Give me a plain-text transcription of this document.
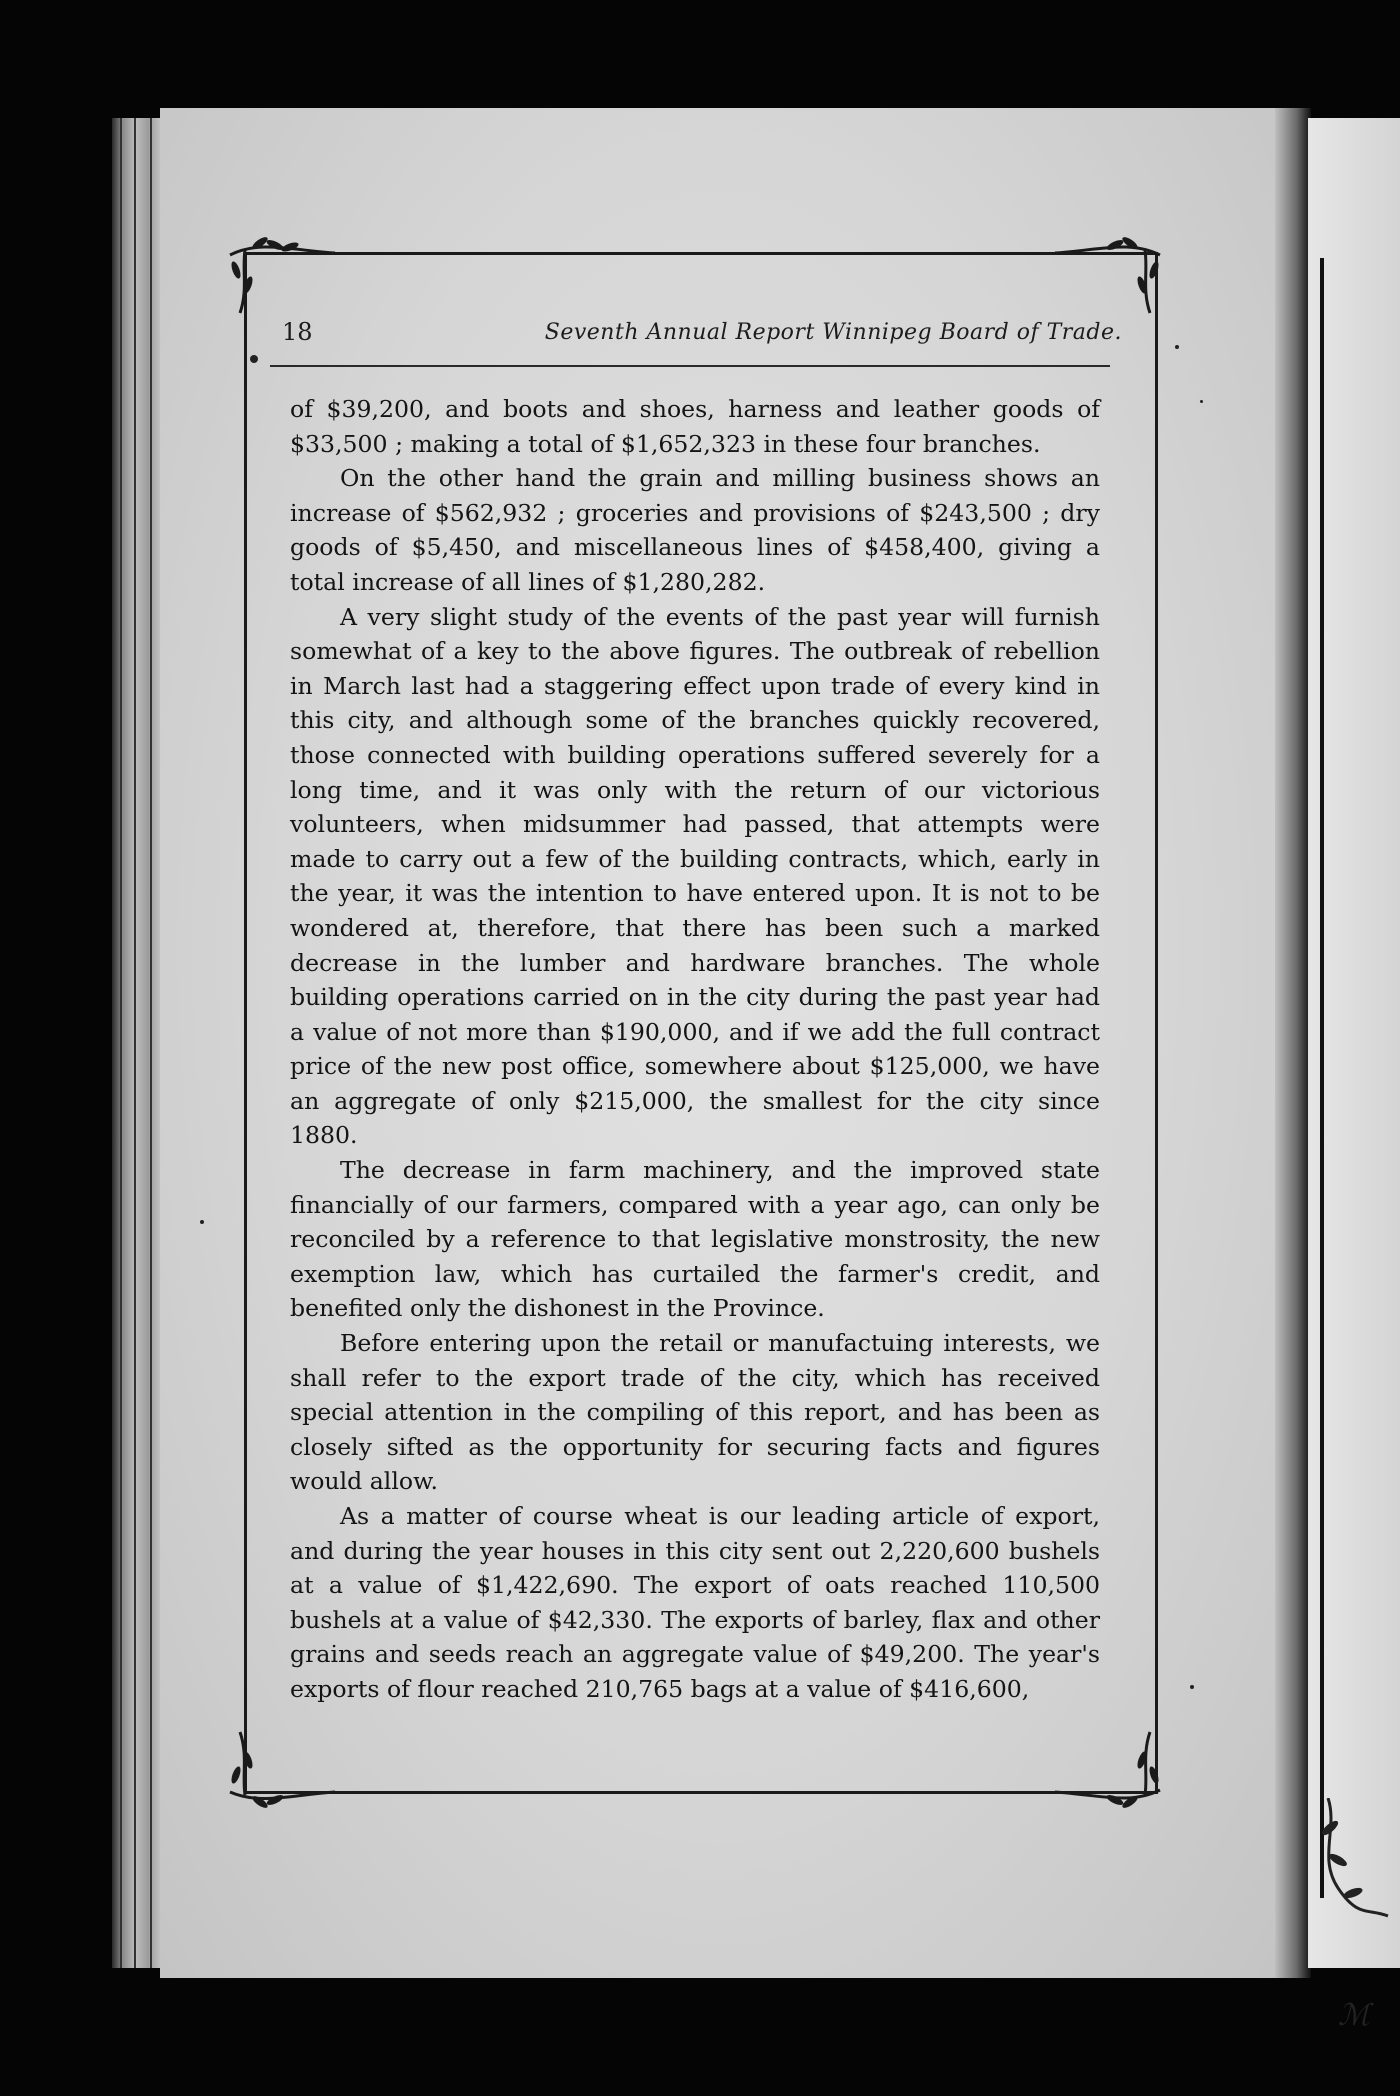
ℳ
18	Seventh Annual Report Winnipeg Board of Trade.

of $39,200, and boots and shoes, harness and leather goods of $33,500 ; making a total of $1,652,323 in these four branches.

On the other hand the grain and milling business shows an increase of $562,932 ; groceries and provisions of $243,500 ; dry goods of $5,450, and miscellaneous lines of $458,400, giving a total increase of all lines of $1,280,282.

A very slight study of the events of the past year will furnish somewhat of a key to the above figures. The outbreak of rebellion in March last had a staggering effect upon trade of every kind in this city, and although some of the branches quickly recovered, those connected with building operations suffered severely for a long time, and it was only with the return of our victorious volunteers, when midsummer had passed, that attempts were made to carry out a few of the building contracts, which, early in the year, it was the intention to have entered upon. It is not to be wondered at, therefore, that there has been such a marked decrease in the lumber and hardware branches. The whole building operations carried on in the city during the past year had a value of not more than $190,000, and if we add the full contract price of the new post office, somewhere about $125,000, we have an aggregate of only $215,000, the smallest for the city since 1880.

The decrease in farm machinery, and the improved state financially of our farmers, compared with a year ago, can only be reconciled by a reference to that legislative monstrosity, the new exemption law, which has curtailed the farmer's credit, and benefited only the dishonest in the Province.

Before entering upon the retail or manufactuing interests, we shall refer to the export trade of the city, which has received special attention in the compiling of this report, and has been as closely sifted as the opportunity for securing facts and figures would allow.

As a matter of course wheat is our leading article of export, and during the year houses in this city sent out 2,220,600 bushels at a value of $1,422,690. The export of oats reached 110,500 bushels at a value of $42,330. The exports of barley, flax and other grains and seeds reach an aggregate value of $49,200. The year's exports of flour reached 210,765 bags at a value of $416,600,
